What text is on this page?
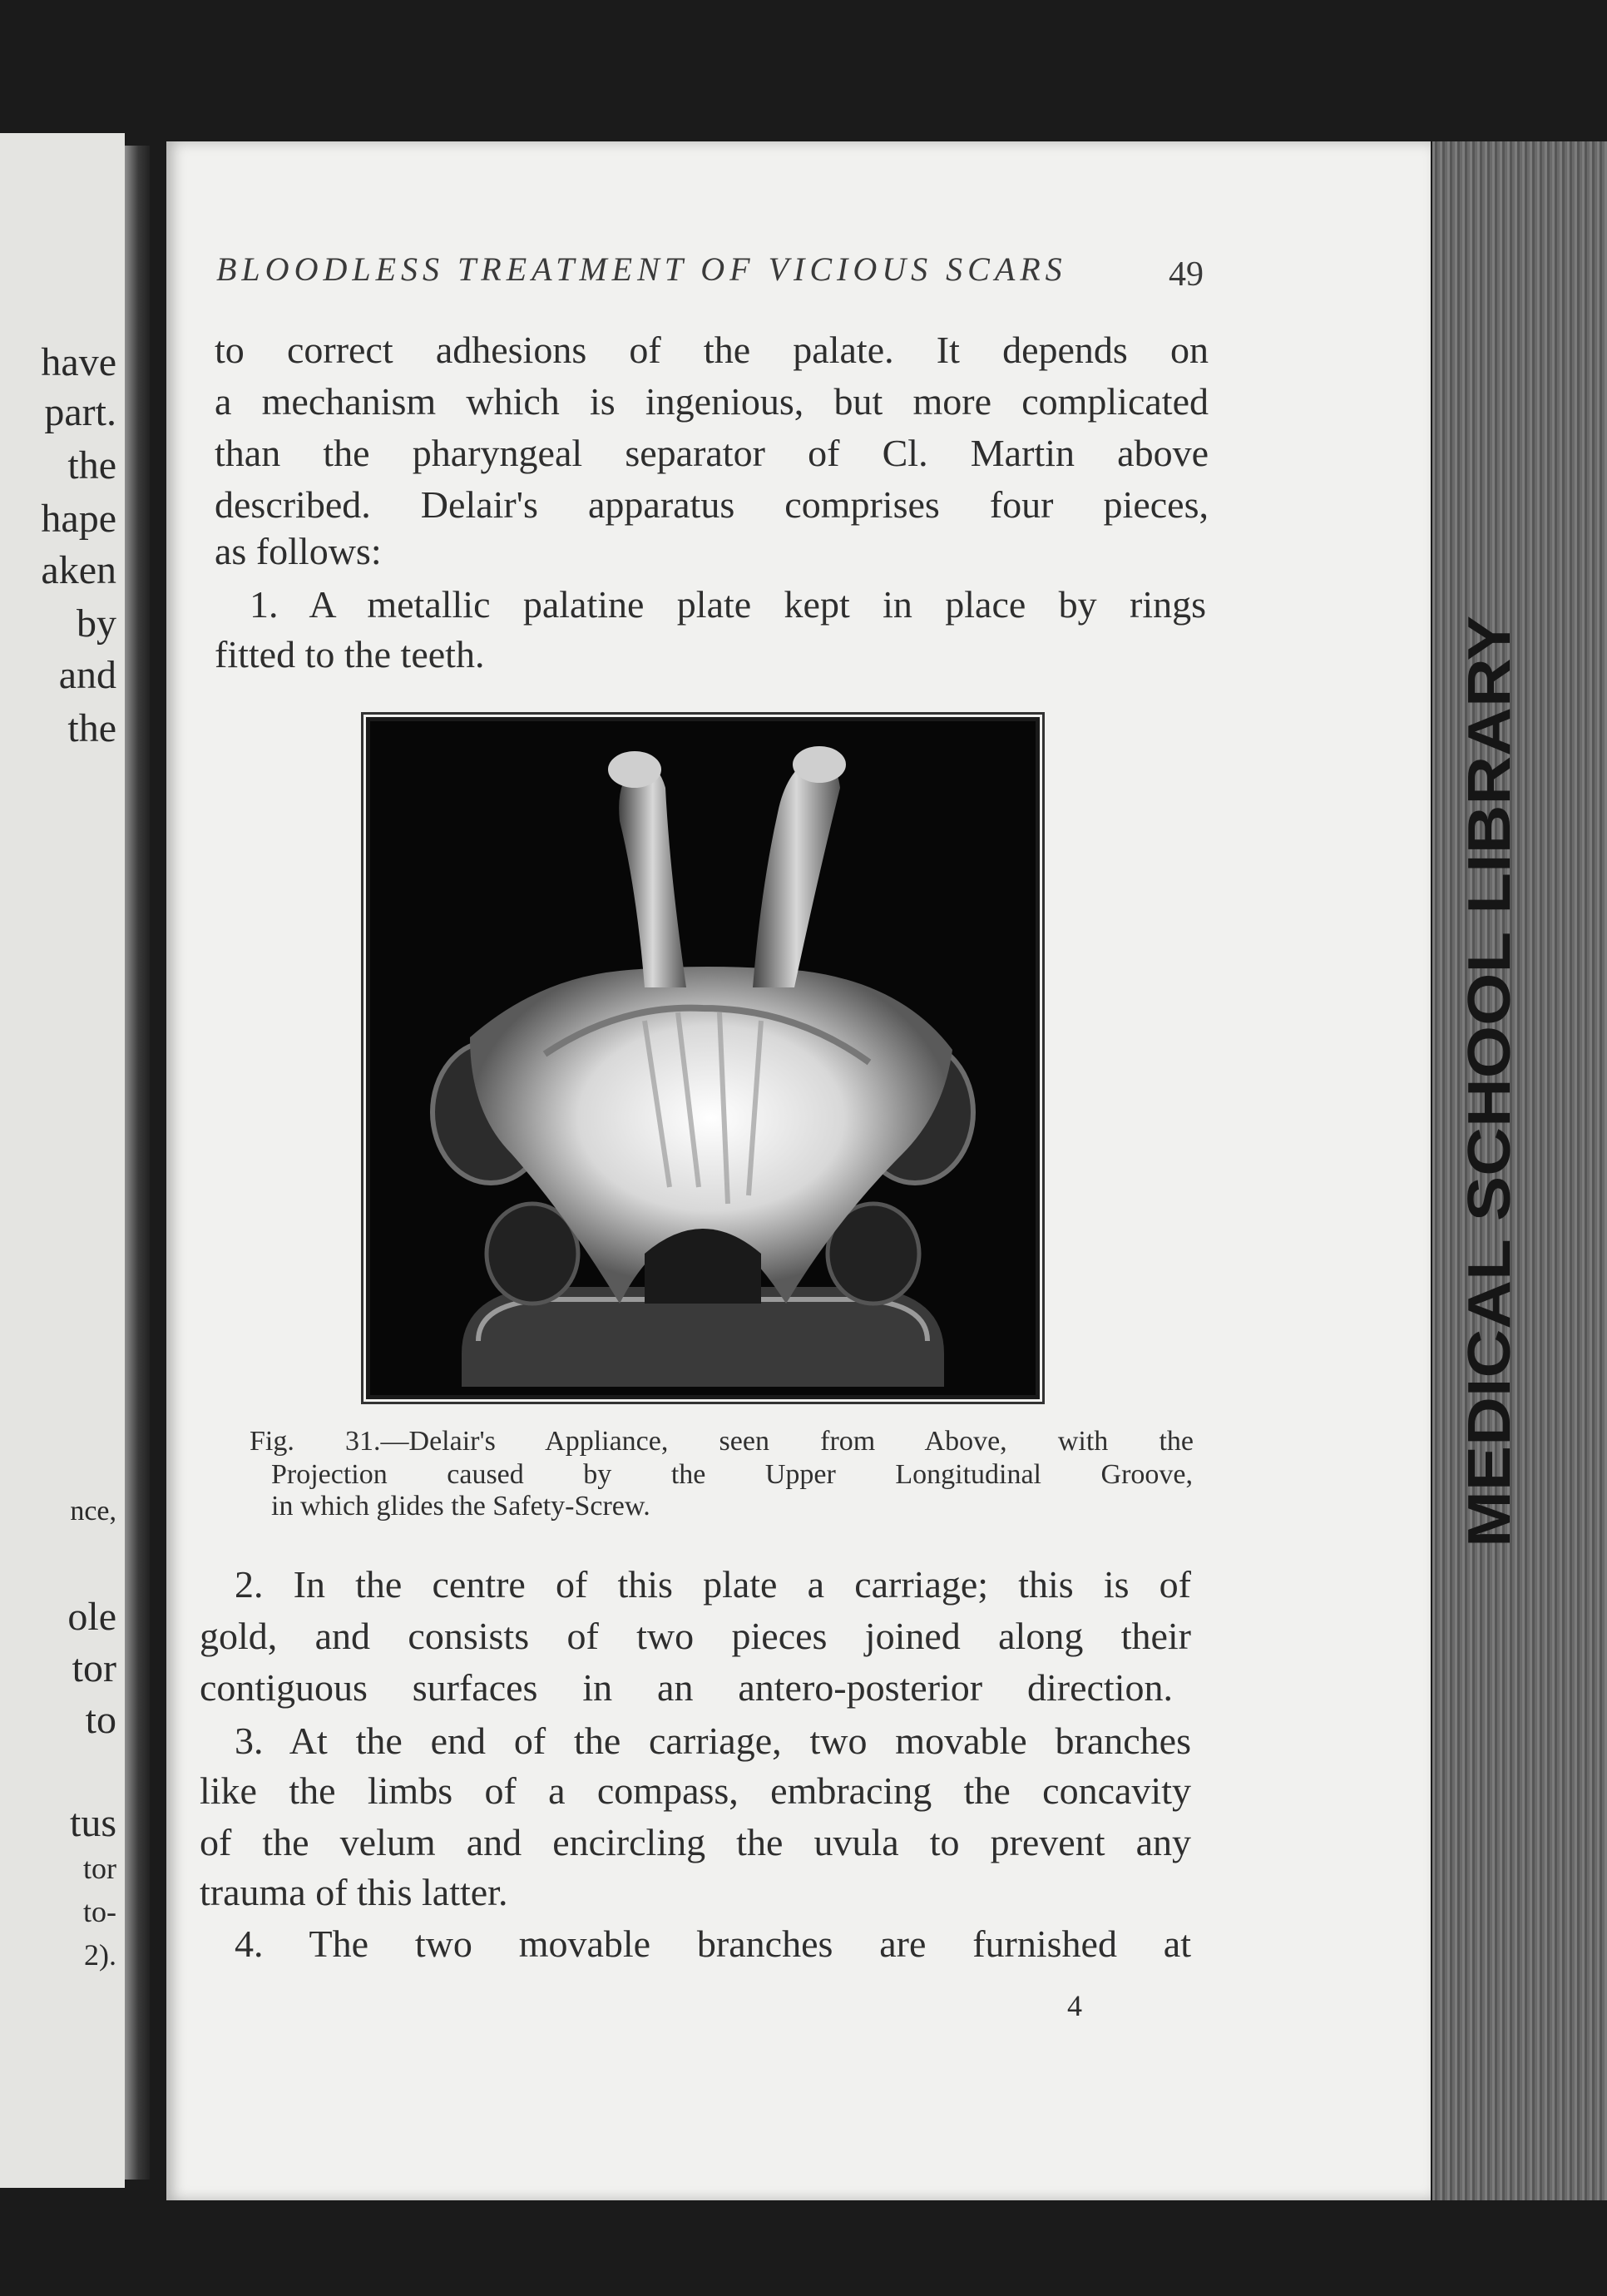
have
part.
the
hape
aken
by
and
the
nce,
ole
tor
to
tus
tor
to-
2).
MEDICAL SCHOOL LIBRARY
BLOODLESS TREATMENT OF VICIOUS SCARS	49
to correct adhesions of the palate. It depends on
a mechanism which is ingenious, but more complicated
than the pharyngeal separator of Cl. Martin above
described. Delair's apparatus comprises four pieces,
as follows:
1. A metallic palatine plate kept in place by rings
fitted to the teeth.
Fig. 31.—Delair's Appliance, seen from Above, with the
Projection caused by the Upper Longitudinal Groove,
in which glides the Safety-Screw.
2. In the centre of this plate a carriage; this is of
gold, and consists of two pieces joined along their
contiguous surfaces in an antero-posterior direction.
3. At the end of the carriage, two movable branches
like the limbs of a compass, embracing the concavity
of the velum and encircling the uvula to prevent any
trauma of this latter.
4. The two movable branches are furnished at
4
